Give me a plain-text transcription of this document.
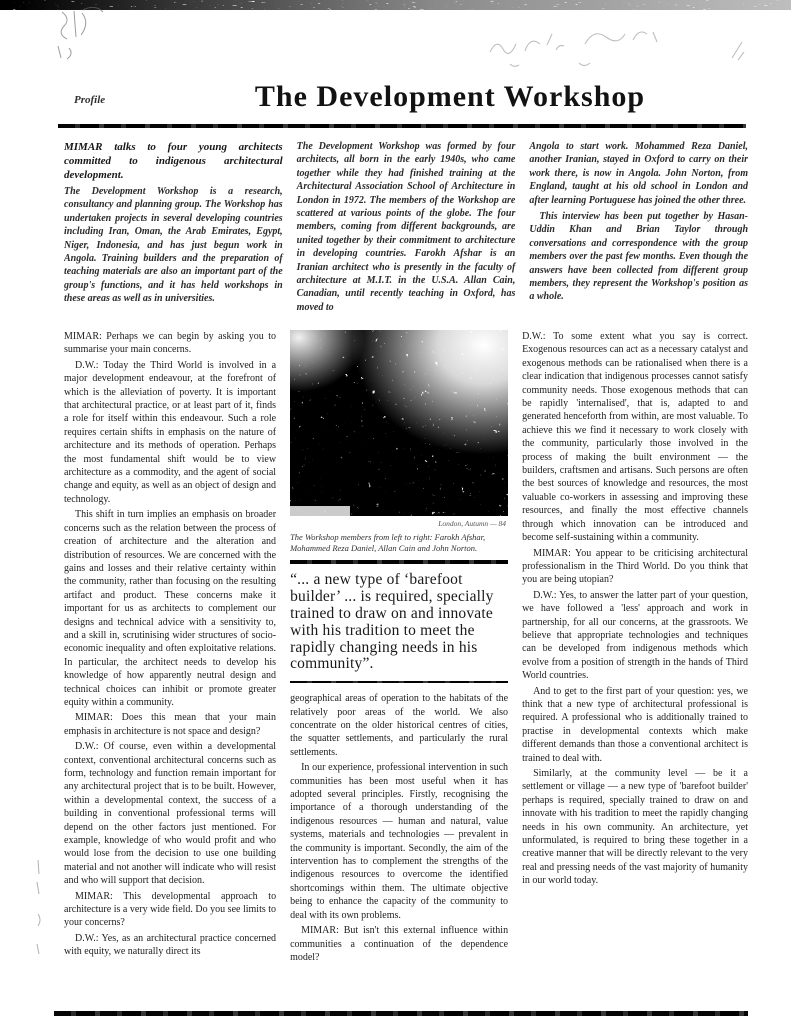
Profile	The Development Workshop

MIMAR talks to four young architects committed to indigenous architectural development.

The Development Workshop is a research, consultancy and planning group. The Workshop has undertaken projects in several developing countries including Iran, Oman, the Arab Emirates, Egypt, Niger, Indonesia, and has just begun work in Angola. Training builders and the preparation of teaching materials are also an important part of the group's functions, and it has held workshops in these areas as well as in universities.

The Development Workshop was formed by four architects, all born in the early 1940s, who came together while they had finished training at the Architectural Association School of Architecture in London in 1972. The members of the Workshop are scattered at various points of the globe. The four members, coming from different backgrounds, are united together by their commitment to architecture in developing countries. Farokh Afshar is an Iranian architect who is presently in the faculty of architecture at M.I.T. in the U.S.A. Allan Cain, Canadian, until recently teaching in Oxford, has moved to

Angola to start work. Mohammed Reza Daniel, another Iranian, stayed in Oxford to carry on their work there, is now in Angola. John Norton, from England, taught at his old school in London and after learning Portuguese has joined the other three.

This interview has been put together by Hasan-Uddin Khan and Brian Taylor through conversations and correspondence with the group members over the past few months. Even though the answers have been collected from different group members, they represent the Workshop's position as a whole.

MIMAR: Perhaps we can begin by asking you to summarise your main concerns.

D.W.: Today the Third World is involved in a major development endeavour, at the forefront of which is the alleviation of poverty. It is important that architectural practice, or at least part of it, finds a role for itself within this endeavour. Such a role requires certain shifts in emphasis on the nature of architecture and its methods of operation. Perhaps the most fundamental shift would be to view architecture as a commodity, and the agent of social change and equity, as well as an object of design and technology.

This shift in turn implies an emphasis on broader concerns such as the relation between the process of creation of architecture and the alteration and distribution of resources. We are concerned with the gains and losses and their relative certainty within the community, rather than focusing on the resulting artifact and product. These concerns make it important for us as architects to complement our designs and technical advice with a sensitivity to, and a skill in, scrutinising wider structures of socio-economic inequality and often exploitative relations. In particular, the architect needs to develop his knowledge of how apparently neutral design and technical choices can inhibit or promote greater equity within a community.

MIMAR: Does this mean that your main emphasis in architecture is not space and design?

D.W.: Of course, even within a developmental context, conventional architectural concerns such as form, technology and function remain important for any architectural project that is to be built. However, within a developmental context, the success of a building in conventional professional terms will depend on the other factors just mentioned. For example, knowledge of who would profit and who would lose from the decision to use one building material and not another will indicate who will resist and who will support that decision.

MIMAR: This developmental approach to architecture is a very wide field. Do you see limits to your concerns?

D.W.: Yes, as an architectural practice concerned with equity, we naturally direct its

London, Autumn — 84
The Workshop members from left to right: Farokh Afshar, Mohammed Reza Daniel, Allan Cain and John Norton.
“... a new type of ‘barefoot builder’ ... is required, specially trained to draw on and innovate with his tradition to meet the rapidly changing needs in his community”.

geographical areas of operation to the habitats of the relatively poor areas of the world. We also concentrate on the older historical centres of cities, the squatter settlements, and particularly the rural settlements.

In our experience, professional intervention in such communities has been most useful when it has adopted several principles. Firstly, recognising the importance of a thorough understanding of the indigenous resources — human and natural, value systems, materials and technologies — prevalent in the community is important. Secondly, the aim of the intervention has to complement the strengths of the indigenous resources to overcome the identified shortcomings within them. The ultimate objective being to enhance the capacity of the community to deal with its own problems.

MIMAR: But isn't this external influence within communities a continuation of the dependence model?

D.W.: To some extent what you say is correct. Exogenous resources can act as a necessary catalyst and exogenous methods can be rationalised when there is a clear indication that indigenous processes cannot satisfy community needs. Those exogenous methods that can be rapidly 'internalised', that is, adapted to and generated henceforth from within, are most valuable. To achieve this we find it necessary to work closely with the community, particularly those involved in the process of making the built environment — the builders, craftsmen and artisans. Such persons are often the best sources of knowledge and resources, the most valuable co-workers in assessing and improving these resources, and finally the most effective channels through which innovation can be introduced and become self-sustaining within a community.

MIMAR: You appear to be criticising architectural professionalism in the Third World. Do you think that you are being utopian?

D.W.: Yes, to answer the latter part of your question, we have followed a 'less' approach and work in partnership, for all our concerns, at the grassroots. We believe that appropriate technologies and techniques can be developed from indigenous methods which evolve from a position of strength in the hands of Third World countries.

And to get to the first part of your question: yes, we think that a new type of architectural professional is required. A professional who is additionally trained to practise in developmental contexts which make different demands than those a conventional architect is trained to deal with.

Similarly, at the community level — be it a settlement or village — a new type of 'barefoot builder' perhaps is required, specially trained to draw on and innovate with his tradition to meet the rapidly changing needs in his own community. An architecture, yet unformulated, is required to bring these together in a creative manner that will be directly relevant to the very real and pressing needs of the vast majority of humanity in our world today.
